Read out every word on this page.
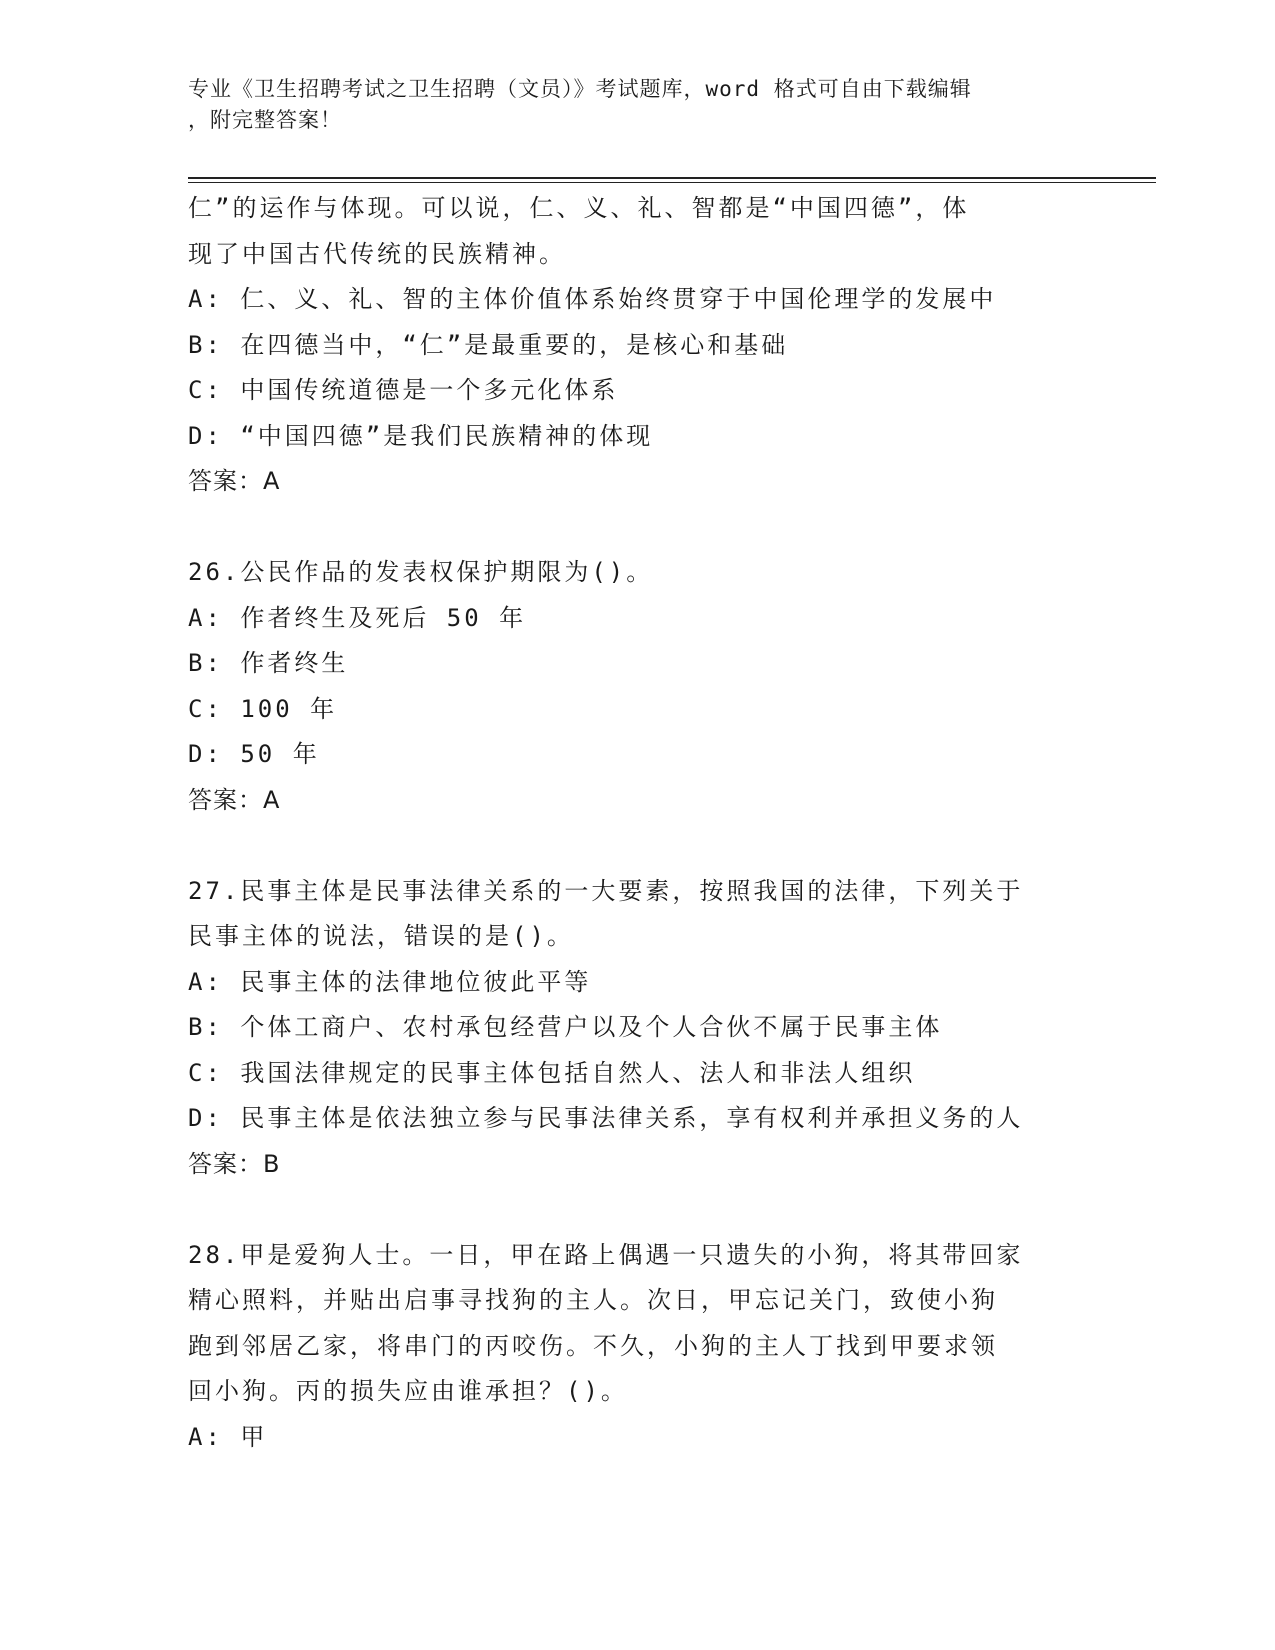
专业《卫生招聘考试之卫生招聘（文员）》考试题库，word 格式可自由下载编辑
，附完整答案！
仁”的运作与体现。可以说，仁、义、礼、智都是“中国四德”，体
现了中国古代传统的民族精神。
A: 仁、义、礼、智的主体价值体系始终贯穿于中国伦理学的发展中
B: 在四德当中，“仁”是最重要的，是核心和基础
C: 中国传统道德是一个多元化体系
D: “中国四德”是我们民族精神的体现
答案：A
26.公民作品的发表权保护期限为()。
A: 作者终生及死后 50 年
B: 作者终生
C: 100 年
D: 50 年
答案：A
27.民事主体是民事法律关系的一大要素，按照我国的法律，下列关于
民事主体的说法，错误的是()。
A: 民事主体的法律地位彼此平等
B: 个体工商户、农村承包经营户以及个人合伙不属于民事主体
C: 我国法律规定的民事主体包括自然人、法人和非法人组织
D: 民事主体是依法独立参与民事法律关系，享有权利并承担义务的人
答案：B
28.甲是爱狗人士。一日，甲在路上偶遇一只遗失的小狗，将其带回家
精心照料，并贴出启事寻找狗的主人。次日，甲忘记关门，致使小狗
跑到邻居乙家，将串门的丙咬伤。不久，小狗的主人丁找到甲要求领
回小狗。丙的损失应由谁承担？()。
A: 甲
